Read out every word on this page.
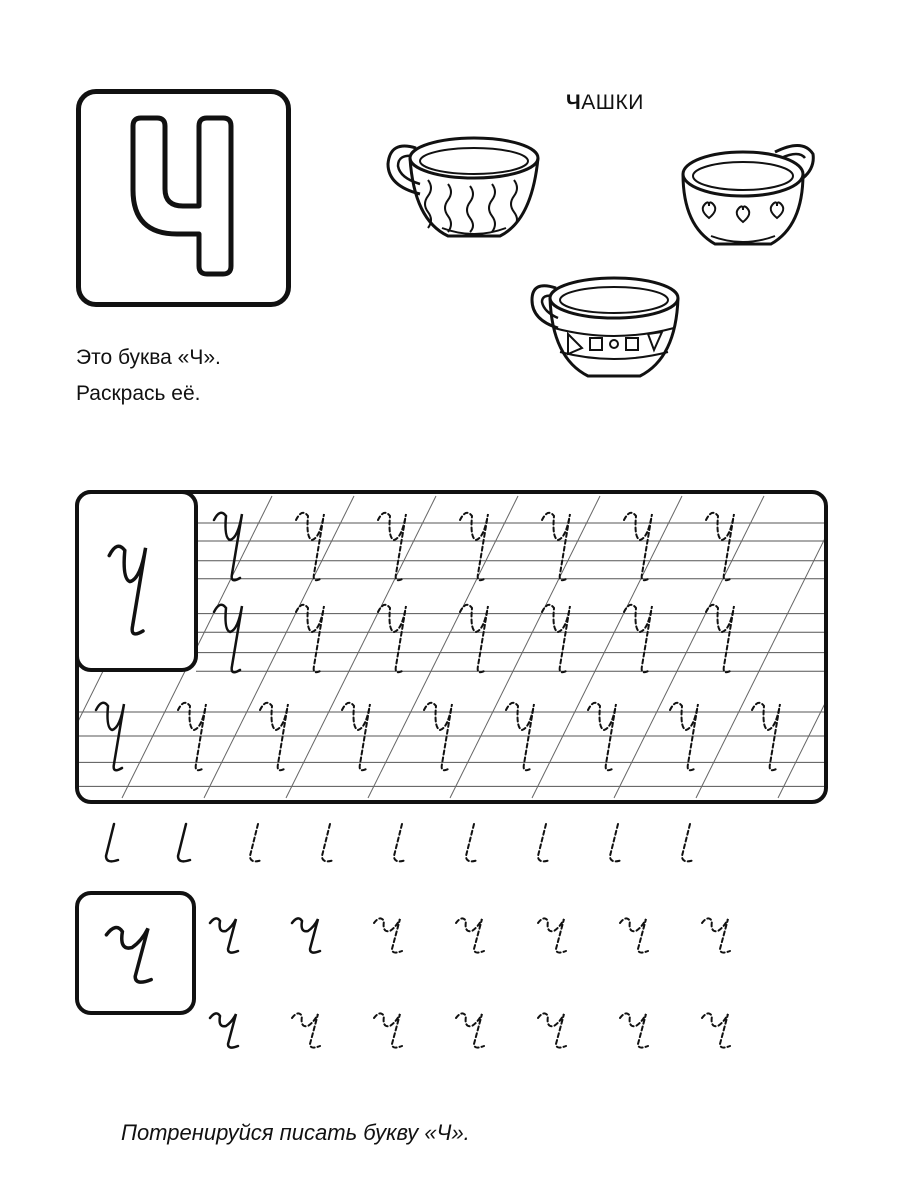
ЧАШКИ
Это буква «Ч».
Раскрась её.
Потренируйся писать букву «Ч».
